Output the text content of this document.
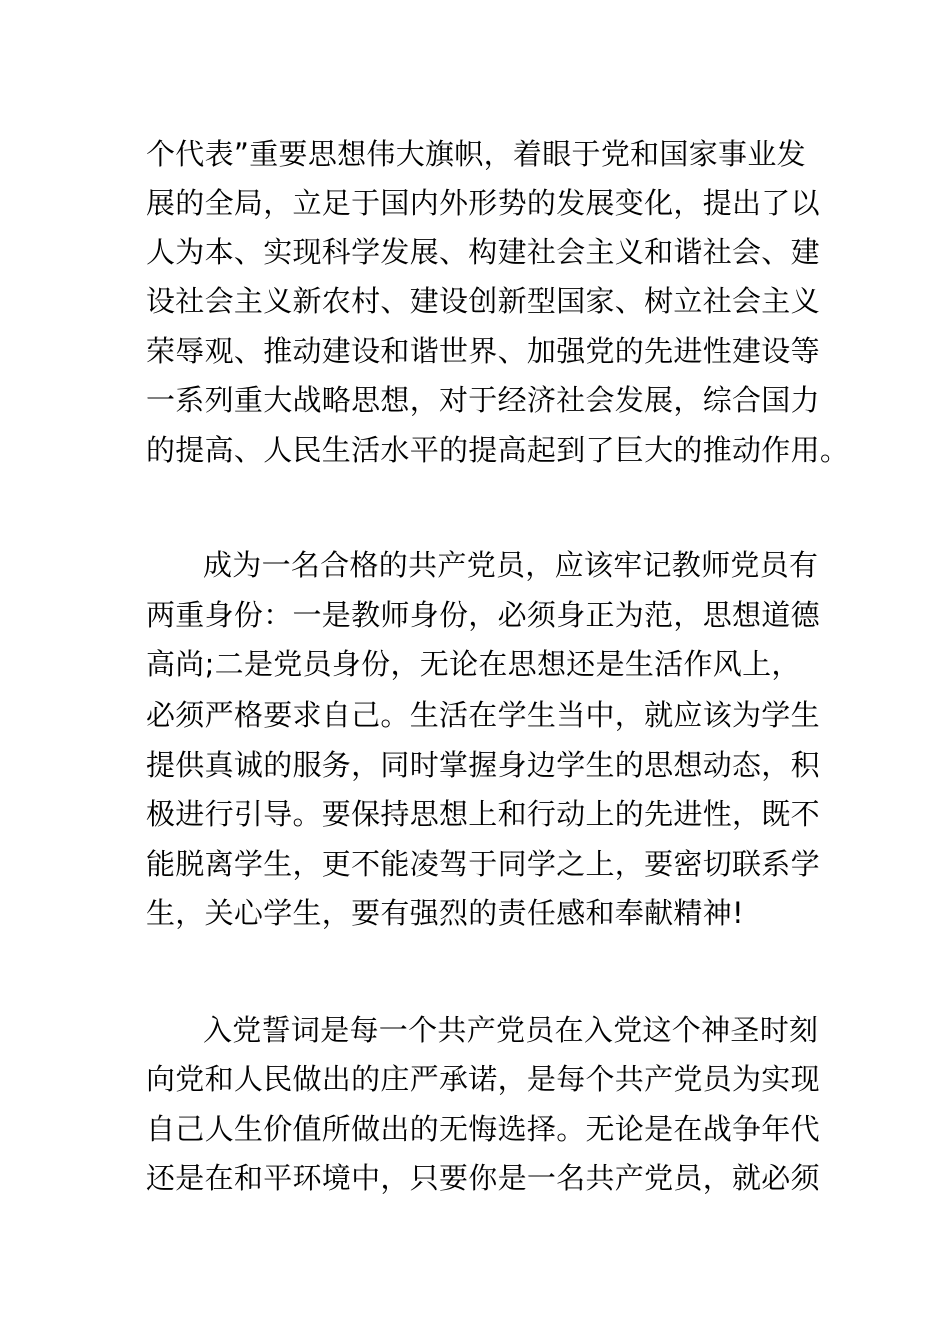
个代表”重要思想伟大旗帜，着眼于党和国家事业发
展的全局，立足于国内外形势的发展变化，提出了以
人为本、实现科学发展、构建社会主义和谐社会、建
设社会主义新农村、建设创新型国家、树立社会主义
荣辱观、推动建设和谐世界、加强党的先进性建设等
一系列重大战略思想，对于经济社会发展，综合国力
的提高、人民生活水平的提高起到了巨大的推动作用。
成为一名合格的共产党员，应该牢记教师党员有
两重身份：一是教师身份，必须身正为范，思想道德
高尚;二是党员身份，无论在思想还是生活作风上，
必须严格要求自己。生活在学生当中，就应该为学生
提供真诚的服务，同时掌握身边学生的思想动态，积
极进行引导。要保持思想上和行动上的先进性，既不
能脱离学生，更不能凌驾于同学之上，要密切联系学
生，关心学生，要有强烈的责任感和奉献精神!
入党誓词是每一个共产党员在入党这个神圣时刻
向党和人民做出的庄严承诺，是每个共产党员为实现
自己人生价值所做出的无悔选择。无论是在战争年代
还是在和平环境中，只要你是一名共产党员，就必须
